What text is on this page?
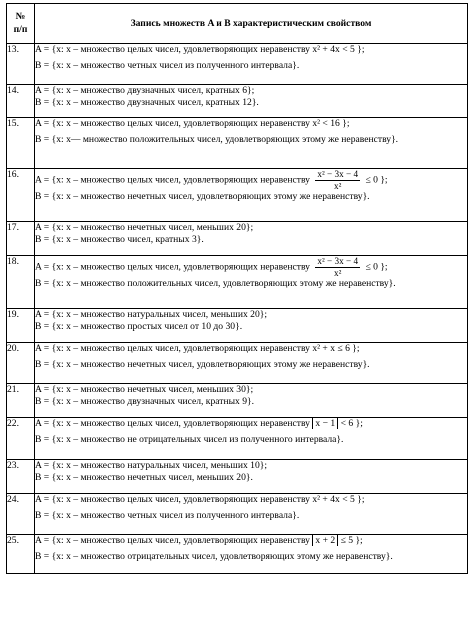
№
п/п	Запись множеств A и B характеристическим свойством
13.	A = {x: x – множество целых чисел, удовлетворяющих неравенству x² + 4x < 5 };
B = {x: x – множество четных чисел из полученного интервала}.

14.	A = {x: x – множество двузначных чисел, кратных 6};
B = {x: x – множество двузначных чисел, кратных 12}.

15.	A = {x: x – множество целых чисел, удовлетворяющих неравенству x² < 16 };
B = {x: x— множество положительных чисел, удовлетворяющих этому же неравенству}.

16.	A = {x: x – множество целых чисел, удовлетворяющих неравенству $\frac{\text{x² − 3x − 4}}{\text{x²}} \le 0$ };
B = {x: x – множество нечетных чисел, удовлетворяющих этому же неравенству}.

17.	A = {x: x – множество нечетных чисел, меньших 20};
B = {x: x – множество чисел, кратных 3}.

18.	A = {x: x – множество целых чисел, удовлетворяющих неравенству $\frac{\text{x² − 3x − 4}}{\text{x²}} \le 0$ };
B = {x: x – множество положительных чисел, удовлетворяющих этому же неравенству}.

19.	A = {x: x – множество натуральных чисел, меньших 20};
B = {x: x – множество простых чисел от 10 до 30}.

20.	A = {x: x – множество целых чисел, удовлетворяющих неравенству x² + x ≤ 6 };
B = {x: x – множество нечетных чисел, удовлетворяющих этому же неравенству}.

21.	A = {x: x – множество нечетных чисел, меньших 30};
B = {x: x – множество двузначных чисел, кратных 9}.

22.	A = {x: x – множество целых чисел, удовлетворяющих неравенству x − 1 < 6 };
B = {x: x – множество не отрицательных чисел из полученного интервала}.

23.	A = {x: x – множество натуральных чисел, меньших 10};
B = {x: x – множество нечетных чисел, меньших 20}.

24.	A = {x: x – множество целых чисел, удовлетворяющих неравенству x² + 4x < 5 };
B = {x: x – множество четных чисел из полученного интервала}.

25.	A = {x: x – множество целых чисел, удовлетворяющих неравенству x + 2 ≤ 5 };
B = {x: x – множество отрицательных чисел, удовлетворяющих этому же неравенству}.
